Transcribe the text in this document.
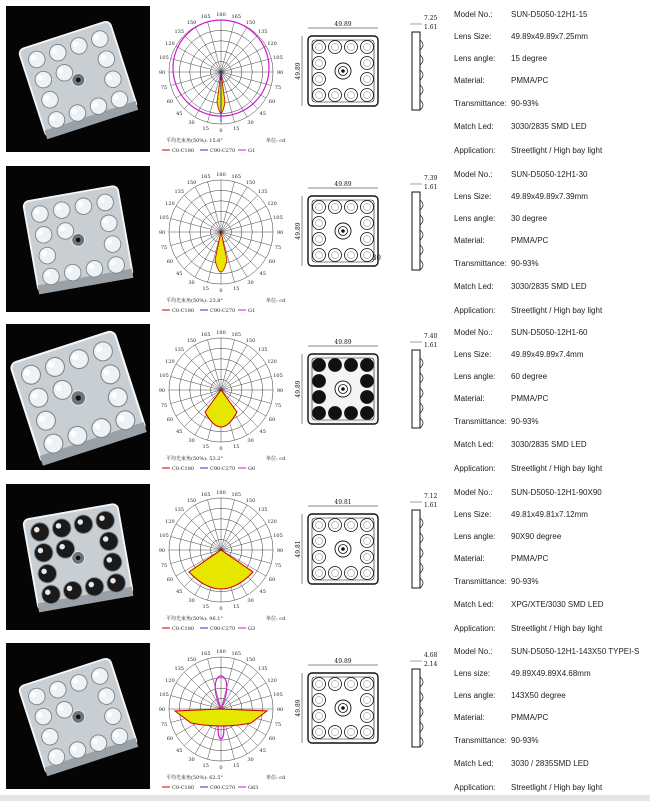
180 165
165
150
150
135
135
120
120
105
105
90
90
75
75
60
60
45
45
30
30
15
15 0
单位: cd
平均光束角(50%): 15.6°
C0-C180	C90-C270	G1
49.89
49.89
7.25
1.61
Model No.: SUN-D5050-12H1-15
Lens Size: 49.89x49.89x7.25mm
Lens angle: 15 degree
Material:	PMMA/PC
Transmittance: 90-93%
Match Led: 3030/2835 SMD LED
Application: Streetlight / High bay light
180 165
165
150
150
135
135
120
120
105
105
90
90
75
75
60
60
45
45
30
30
15
15 0
单位: cd
平均光束角(50%): 23.8°
C0-C180	C90-C270	G1
49.89
49.89
7.39
1.61
30
Model No.: SUN-D5050-12H1-30
Lens Size: 49.89x49.89x7.39mm
Lens angle: 30 degree
Material:	PMMA/PC
Transmittance: 90-93%
Match Led: 3030/2835 SMD LED
Application: Streetlight / High bay light
180 165
165
150
150
135
135
120
120
105
105
90
90
75
75
60
60
45
45
30
30
15
15 0
单位: cd
平均光束角(50%): 53.2°
C0-C180	C90-C270	G0
49.89
49.89
7.40
1.61
Model No.: SUN-D5050-12H1-60
Lens Size: 49.89x49.89x7.4mm
Lens angle: 60 degree
Material:	PMMA/PC
Transmittance: 90-93%
Match Led: 3030/2835 SMD LED
Application: Streetlight / High bay light
180 165
165
150
150
135
135
120
120
105
105
90
90
75
75
60
60
45
45
30
30
15
15 0
单位: cd
平均光束角(50%): 96.1°
C0-C180	C90-C270	G3
49.81
49.81
7.12
1.61
Model No.: SUN-D5050-12H1-90X90
Lens Size: 49.81x49.81x7.12mm
Lens angle: 90X90 degree
Material:	PMMA/PC
Transmittance: 90-93%
Match Led: XPG/XTE/3030 SMD LED
Application: Streetlight / High bay light
180 165
165
150
150
135
135
120
120
105
105
90
90
75
75
60
60
45
45
30
30
15
15 0
单位: cd
平均光束角(50%): 62.5°
C0-C180	C90-C270	G63
49.89
49.89
4.68
2.14
Model No.: SUN-D5050-12H1-143X50 TYPEI-S
Lens size:	49.89X49.89X4.68mm
Lens angle: 143X50 degree
Material:	PMMA/PC
Transmittance: 90-93%
Match Led: 3030 / 2835SMD LED
Application: Streetlight / High bay light
